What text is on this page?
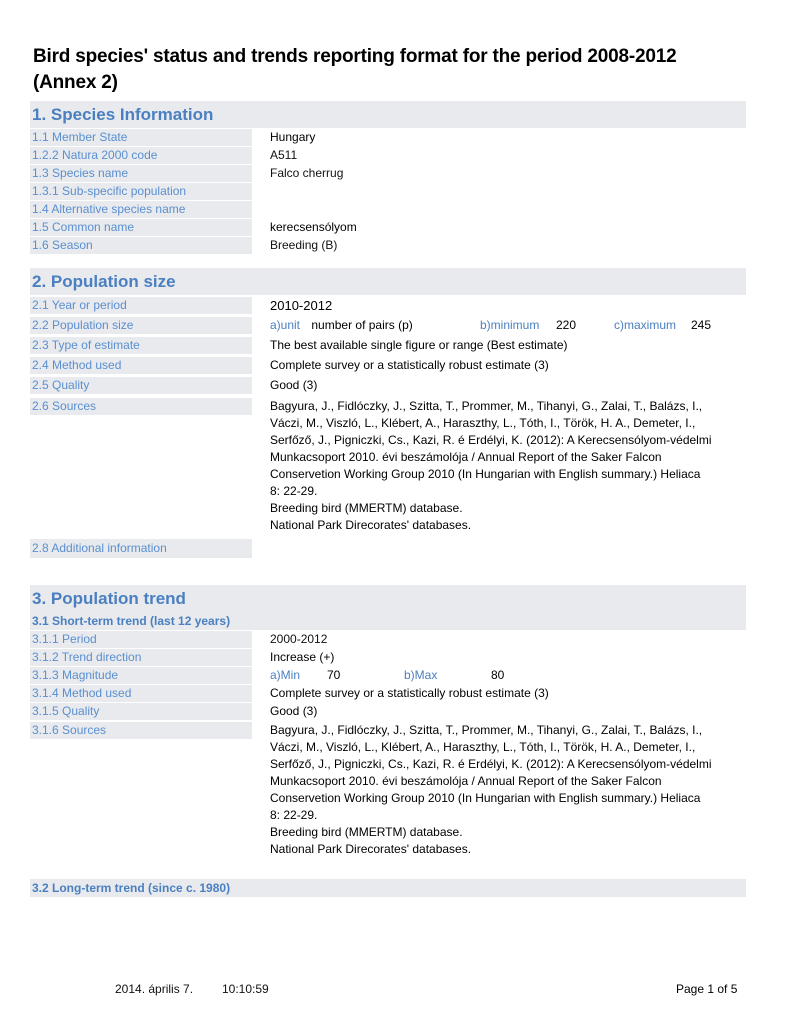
Bird species' status and trends reporting format for the period 2008-2012
(Annex 2)
1. Species Information
1.1 Member State	Hungary
1.2.2 Natura 2000 code	A511
1.3 Species name	Falco cherrug
1.3.1 Sub-specific population
1.4 Alternative species name
1.5 Common name	kerecsensólyom
1.6 Season	Breeding (B)
2. Population size
2.1 Year or period	2010-2012
2.2 Population size	a)unit number of pairs (p)	b)minimum 220	c)maximum 245
2.3 Type of estimate	The best available single figure or range (Best estimate)
2.4 Method used	Complete survey or a statistically robust estimate (3)
2.5 Quality	Good (3)
2.6 Sources	Bagyura, J., Fidlóczky, J., Szitta, T., Prommer, M., Tihanyi, G., Zalai, T., Balázs, I.,
Váczi, M., Viszló, L., Klébert, A., Haraszthy, L., Tóth, I., Török, H. A., Demeter, I.,
Serfőző, J., Pigniczki, Cs., Kazi, R. é Erdélyi, K. (2012): A Kerecsensólyom-védelmi
Munkacsoport 2010. évi beszámolója / Annual Report of the Saker Falcon
Conservetion Working Group 2010 (In Hungarian with English summary.) Heliaca
8: 22-29.
Breeding bird (MMERTM) database.
National Park Direcorates' databases.
2.8 Additional information
3. Population trend
3.1 Short-term trend (last 12 years)
3.1.1 Period	2000-2012
3.1.2 Trend direction	Increase (+)
3.1.3 Magnitude	a)Min 70	b)Max	80
3.1.4 Method used	Complete survey or a statistically robust estimate (3)
3.1.5 Quality	Good (3)
3.1.6 Sources	Bagyura, J., Fidlóczky, J., Szitta, T., Prommer, M., Tihanyi, G., Zalai, T., Balázs, I.,
Váczi, M., Viszló, L., Klébert, A., Haraszthy, L., Tóth, I., Török, H. A., Demeter, I.,
Serfőző, J., Pigniczki, Cs., Kazi, R. é Erdélyi, K. (2012): A Kerecsensólyom-védelmi
Munkacsoport 2010. évi beszámolója / Annual Report of the Saker Falcon
Conservetion Working Group 2010 (In Hungarian with English summary.) Heliaca
8: 22-29.
Breeding bird (MMERTM) database.
National Park Direcorates' databases.
3.2 Long-term trend (since c. 1980)
2014. április 7. 10:10:59	Page 1 of 5
